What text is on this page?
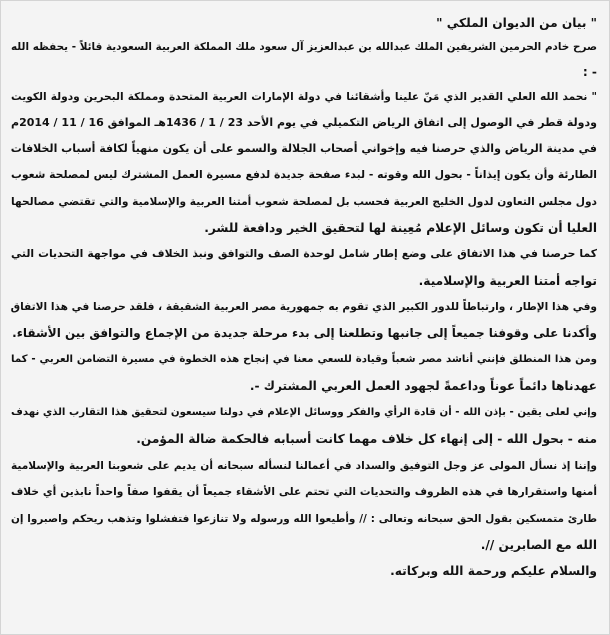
" بيان من الديوان الملكي "
صرح خادم الحرمين الشريفين الملك عبدالله بن عبدالعزيز آل سعود ملك المملكة العربية السعودية قائلاً - يحفظه الله
- :
" نحمد الله العلي القدير الذي مَنّ علينا وأشقائنا في دولة الإمارات العربية المتحدة ومملكة البحرين ودولة الكويت
ودولة قطر في الوصول إلى اتفاق الرياض التكميلي في يوم الأحد 23 / 1 / 1436هـ الموافق 16 / 11 / 2014م
في مدينة الرياض والذي حرصنا فيه وإخواني أصحاب الجلالة والسمو على أن يكون منهياً لكافة أسباب الخلافات
الطارئة وأن يكون إيذاناً - بحول الله وقوته - لبدء صفحة جديدة لدفع مسيرة العمل المشترك ليس لمصلحة شعوب
دول مجلس التعاون لدول الخليج العربية فحسب بل لمصلحة شعوب أمتنا العربية والإسلامية والتي تقتضي مصالحها
العليا أن تكون وسائل الإعلام مُعِينة لها لتحقيق الخير ودافعة للشر.
كما حرصنا في هذا الاتفاق على وضع إطار شامل لوحدة الصف والتوافق ونبذ الخلاف في مواجهة التحديات التي
تواجه أمتنا العربية والإسلامية.
وفي هذا الإطار ، وارتباطاً للدور الكبير الذي تقوم به جمهورية مصر العربية الشقيقة ، فلقد حرصنا في هذا الاتفاق
وأكدنا على وقوفنا جميعاً إلى جانبها وتطلعنا إلى بدء مرحلة جديدة من الإجماع والتوافق بين الأشقاء.
ومن هذا المنطلق فإنني أناشد مصر شعباً وقيادة للسعي معنا في إنجاح هذه الخطوة في مسيرة التضامن العربي - كما
عهدناها دائماً عوناً وداعمةً لجهود العمل العربي المشترك -.
وإني لعلى يقين - بإذن الله - أن قادة الرأي والفكر ووسائل الإعلام في دولنا سيسعون لتحقيق هذا التقارب الذي نهدف
منه - بحول الله - إلى إنهاء كل خلاف مهما كانت أسبابه فالحكمة ضالة المؤمن.
وإننا إذ نسأل المولى عز وجل التوفيق والسداد في أعمالنا لنسأله سبحانه أن يديم على شعوبنا العربية والإسلامية
أمنها واستقرارها في هذه الظروف والتحديات التي تحتم على الأشقاء جميعاً أن يقفوا صفاً واحداً نابذين أي خلاف
طارئ متمسكين بقول الحق سبحانه وتعالى : // وأطيعوا الله ورسوله ولا تنازعوا فتفشلوا وتذهب ريحكم واصبروا إن
الله مع الصابرين //.
والسلام عليكم ورحمة الله وبركاته.
